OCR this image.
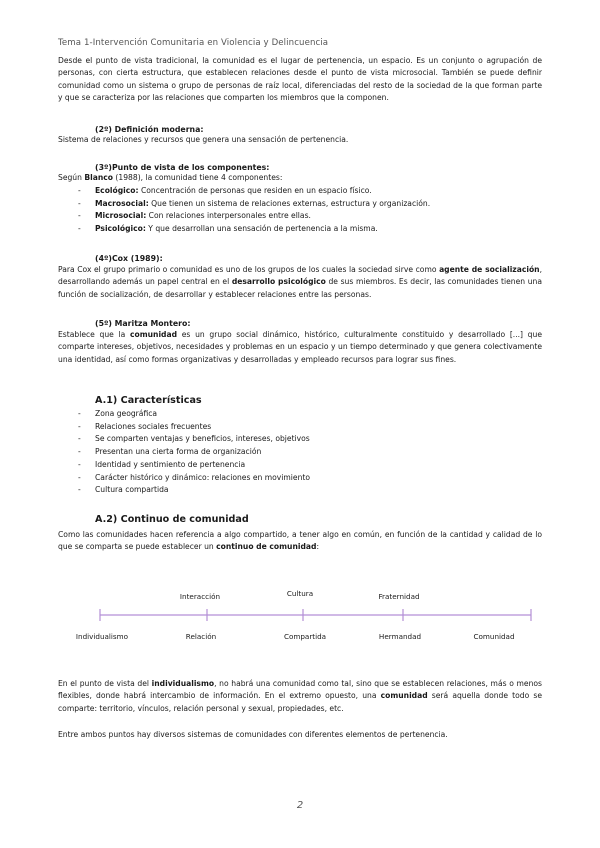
Tema 1-Intervención Comunitaria en Violencia y Delincuencia

Desde el punto de vista tradicional, la comunidad es el lugar de pertenencia, un espacio. Es un conjunto o agrupación de personas, con cierta estructura, que establecen relaciones desde el punto de vista microsocial. También se puede definir comunidad como un sistema o grupo de personas de raíz local, diferenciadas del resto de la sociedad de la que forman parte y que se caracteriza por las relaciones que comparten los miembros que la componen.

(2º) Definición moderna:

Sistema de relaciones y recursos que genera una sensación de pertenencia.

(3º)Punto de vista de los componentes:

Según Blanco (1988), la comunidad tiene 4 componentes:

- Ecológico: Concentración de personas que residen en un espacio físico.
- Macrosocial: Que tienen un sistema de relaciones externas, estructura y organización.
- Microsocial: Con relaciones interpersonales entre ellas.
- Psicológico: Y que desarrollan una sensación de pertenencia a la misma.
(4º)Cox (1989):

Para Cox el grupo primario o comunidad es uno de los grupos de los cuales la sociedad sirve como agente de socialización, desarrollando además un papel central en el desarrollo psicológico de sus miembros. Es decir, las comunidades tienen una función de socialización, de desarrollar y establecer relaciones entre las personas.

(5º) Maritza Montero:

Establece que la comunidad es un grupo social dinámico, histórico, culturalmente constituido y desarrollado [...] que comparte intereses, objetivos, necesidades y problemas en un espacio y un tiempo determinado y que genera colectivamente una identidad, así como formas organizativas y desarrolladas y empleado recursos para lograr sus fines.

A.1) Características
- Zona geográfica
- Relaciones sociales frecuentes
- Se comparten ventajas y beneficios, intereses, objetivos
- Presentan una cierta forma de organización
- Identidad y sentimiento de pertenencia
- Carácter histórico y dinámico: relaciones en movimiento
- Cultura compartida
A.2) Continuo de comunidad

Como las comunidades hacen referencia a algo compartido, a tener algo en común, en función de la cantidad y calidad de lo que se comparta se puede establecer un continuo de comunidad:

Interacción	Cultura	Fraternidad
Individualismo	Relación	Compartida	Hermandad	Comunidad

En el punto de vista del individualismo, no habrá una comunidad como tal, sino que se establecen relaciones, más o menos flexibles, donde habrá intercambio de información. En el extremo opuesto, una comunidad será aquella donde todo se comparte: territorio, vínculos, relación personal y sexual, propiedades, etc.

Entre ambos puntos hay diversos sistemas de comunidades con diferentes elementos de pertenencia.

2
